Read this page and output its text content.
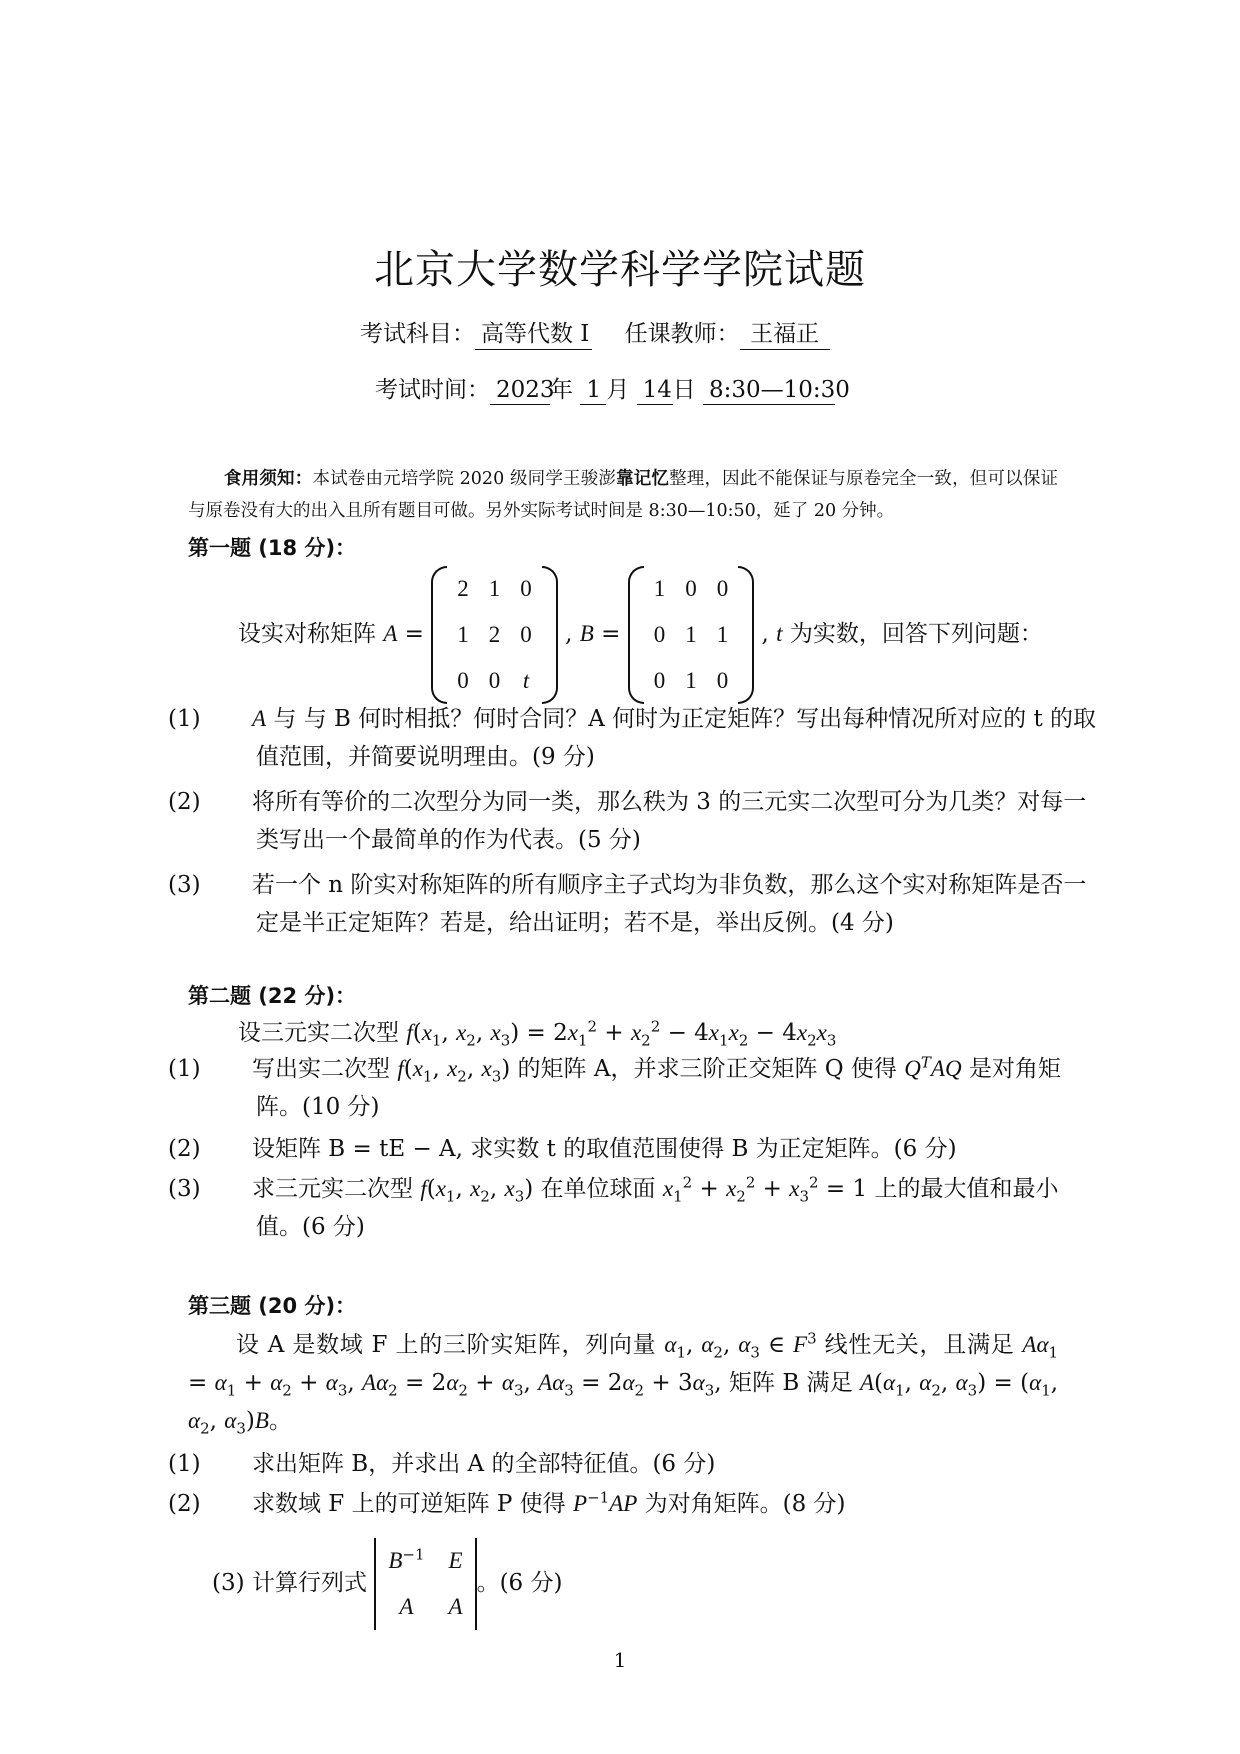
北京大学数学科学学院试题
考试科目： 高等代数 I 任课教师： 王福正
考试时间： 2023年 1 月 14日 8:30—10:30
食用须知：本试卷由元培学院 2020 级同学王骏澎靠记忆整理，因此不能保证与原卷完全一致，但可以保证与原卷没有大的出入且所有题目可做。另外实际考试时间是 8:30—10:50，延了 20 分钟。
第一题 (18 分)：
设实对称矩阵 A =
2	1	0
1	2	0
0	0	t
, B =
1	0	0
0	1	1
0	1	0
, t 为实数，回答下列问题：
(1) A 与 与 B 何时相抵？何时合同？A 何时为正定矩阵？写出每种情况所对应的 t 的取值范围，并简要说明理由。(9 分)
(2) 将所有等价的二次型分为同一类，那么秩为 3 的三元实二次型可分为几类？对每一类写出一个最简单的作为代表。(5 分)
(3) 若一个 n 阶实对称矩阵的所有顺序主子式均为非负数，那么这个实对称矩阵是否一定是半正定矩阵？若是，给出证明；若不是，举出反例。(4 分)
第二题 (22 分)：
设三元实二次型 $f(x_1$, $x_2$, $x_3) = 2x_1^2 + x_2^2 - 4x_1x_2 - 4x_2x_3$
(1) 写出实二次型 $f(x_1$, $x_2$, $x_3$) 的矩阵 A，并求三阶正交矩阵 Q 使得 $Q^TAQ$ 是对角矩阵。(10 分)
(2) 设矩阵 B = tE − A, 求实数 t 的取值范围使得 B 为正定矩阵。(6 分)
(3) 求三元实二次型 $f(x_1$, $x_2$, $x_3$) 在单位球面 $x_1^2 + x_2^2 + x_3^2 = 1$ 上的最大值和最小值。(6 分)
第三题 (20 分)：
设 A 是数域 F 上的三阶实矩阵，列向量 $\alpha_1$, $\alpha_2$, $\alpha_3$ ∈ $F^3$ 线性无关，且满足 $A\alpha_1 = \alpha_1 + \alpha_2 + \alpha_3$, $A\alpha_2 = 2\alpha_2 + \alpha_3$, $A\alpha_3 = 2\alpha_2 + 3\alpha_3$, 矩阵 B 满足 $A(\alpha_1$, $\alpha_2$, $\alpha_3) = (\alpha_1$, $\alpha_2$, $\alpha_3)B$。
(1) 求出矩阵 B，并求出 A 的全部特征值。(6 分)
(2) 求数域 F 上的可逆矩阵 P 使得 $P^{-1}AP$ 为对角矩阵。(8 分)
(3) 计算行列式
$B^{-1}$	E
A	A
。(6 分)
1
